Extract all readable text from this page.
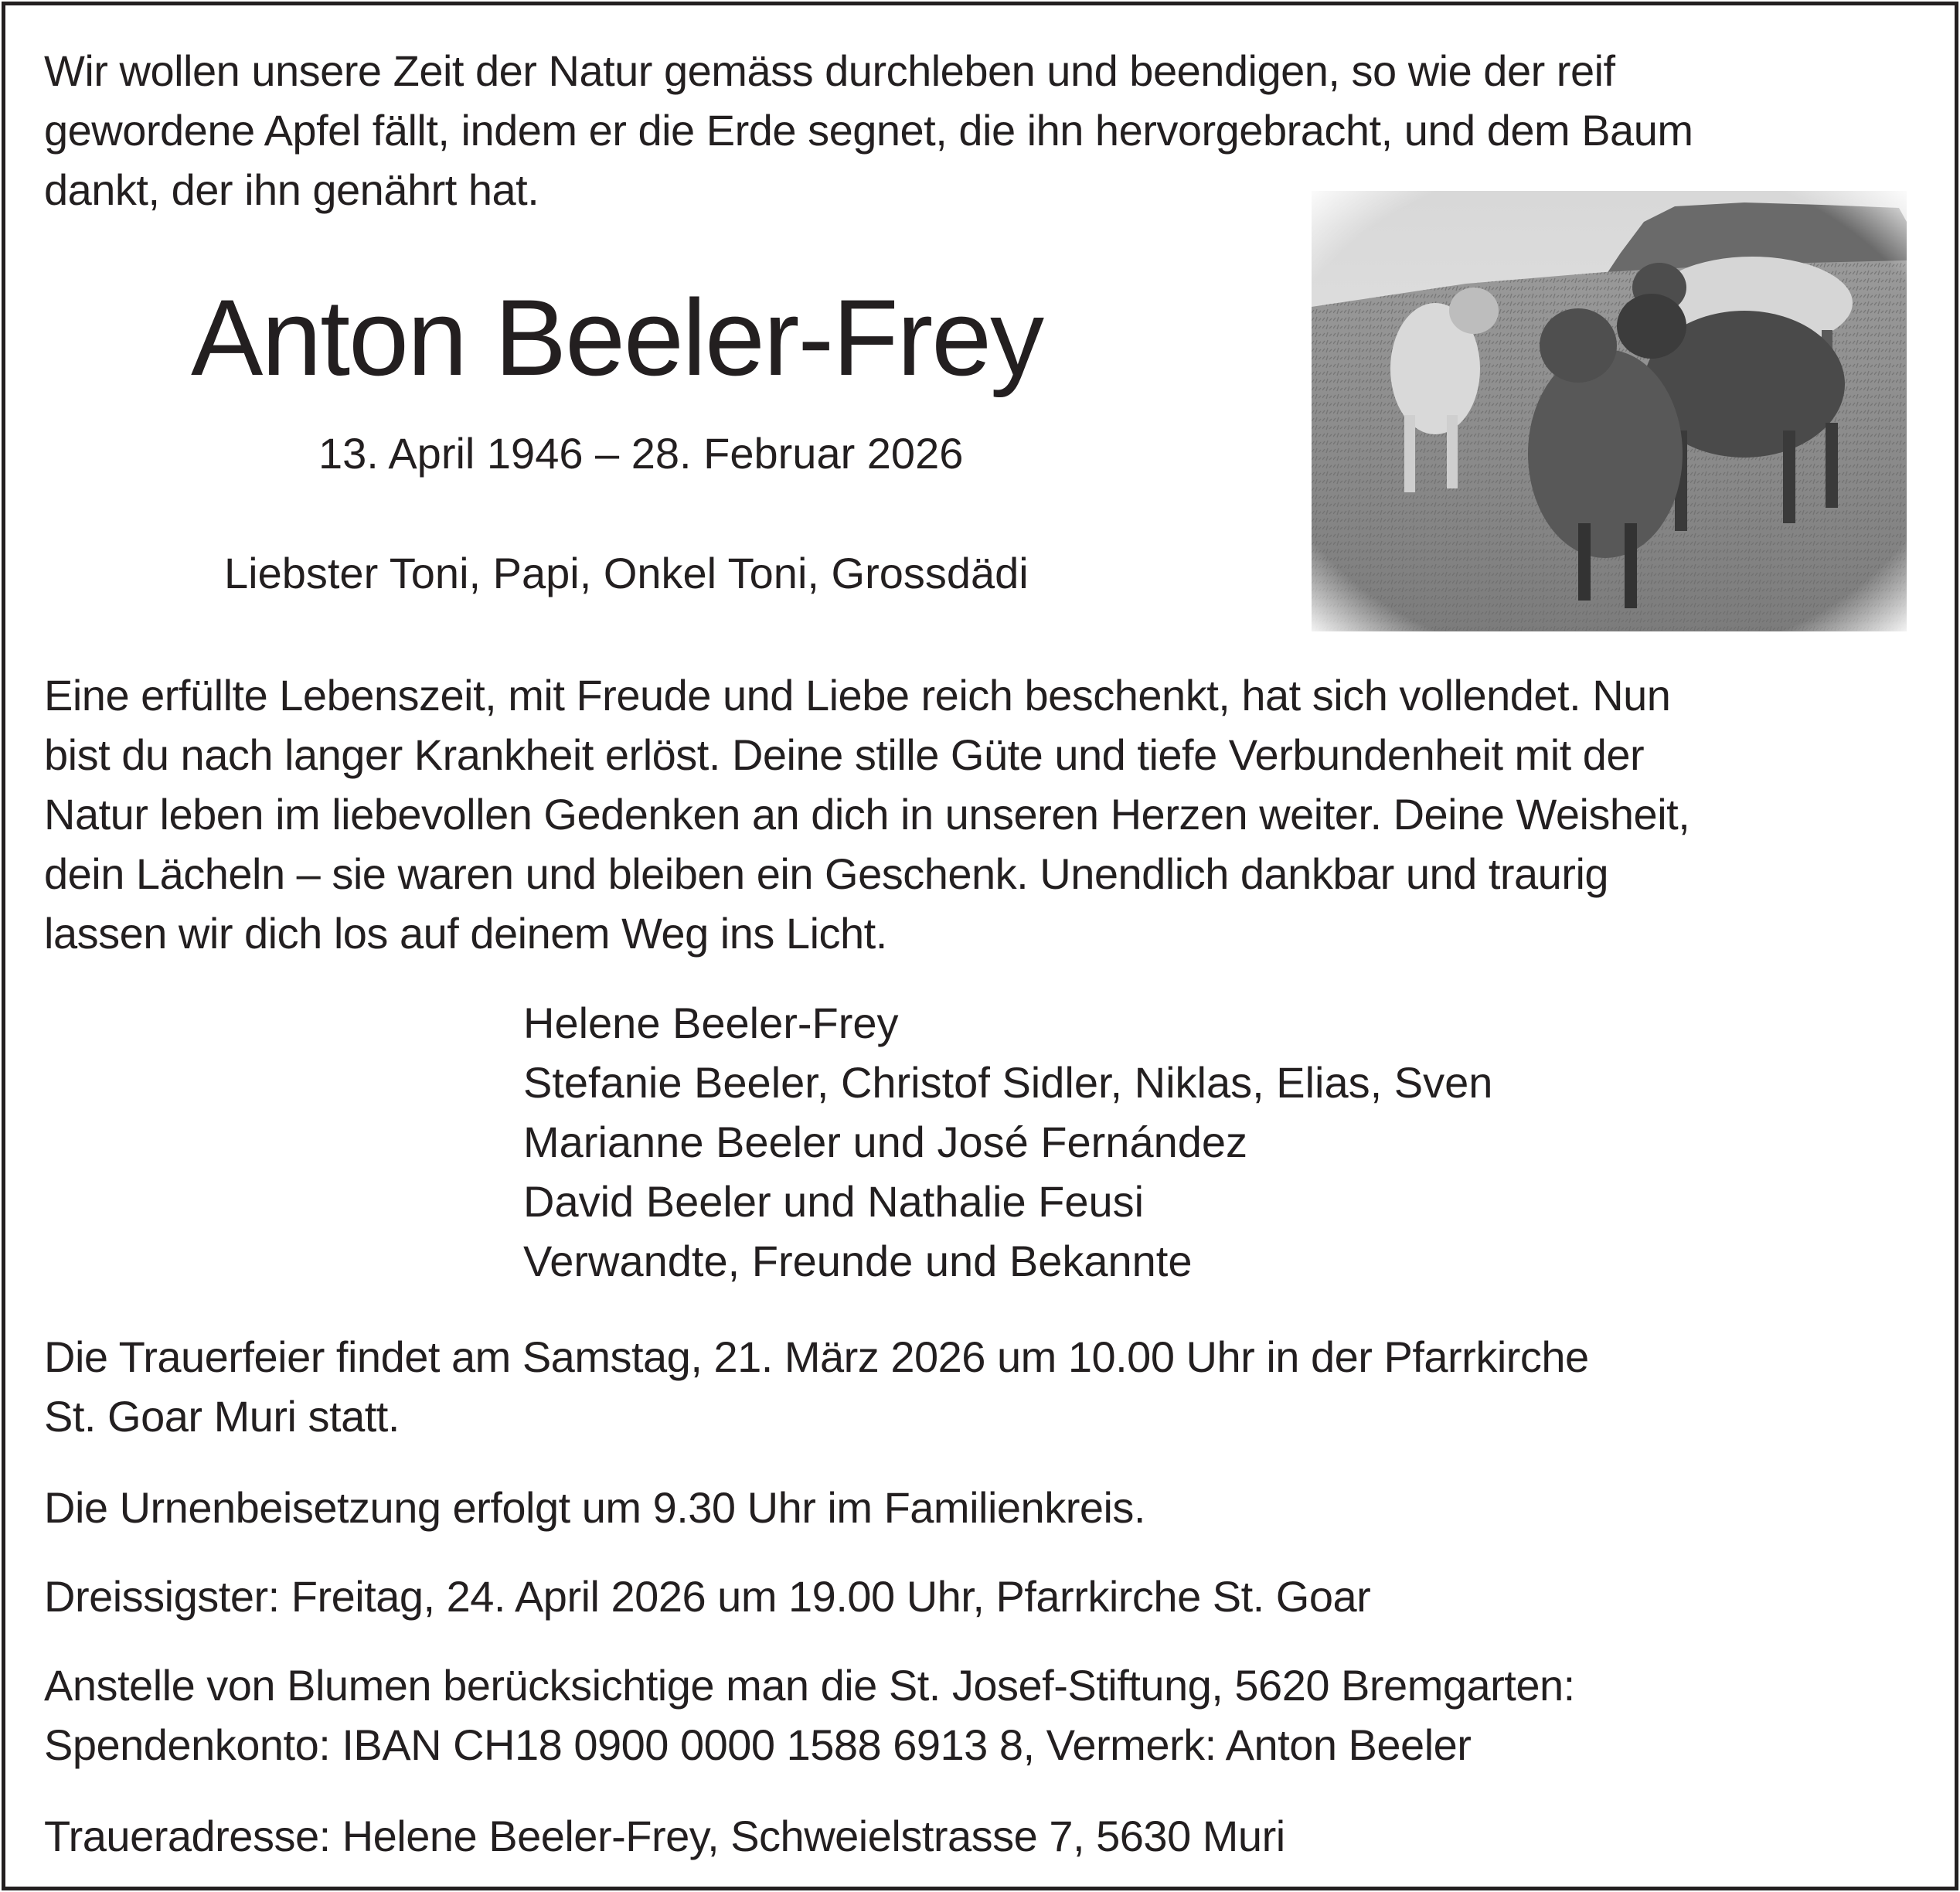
Wir wollen unsere Zeit der Natur gemäss durchleben und beendigen, so wie der reif
gewordene Apfel fällt, indem er die Erde segnet, die ihn hervorgebracht, und dem Baum
dankt, der ihn genährt hat.
Anton Beeler-Frey
13. April 1946 – 28. Februar 2026
Liebster Toni, Papi, Onkel Toni, Grossdädi
Eine erfüllte Lebenszeit, mit Freude und Liebe reich beschenkt, hat sich vollendet. Nun
bist du nach langer Krankheit erlöst. Deine stille Güte und tiefe Verbundenheit mit der
Natur leben im liebevollen Gedenken an dich in unseren Herzen weiter. Deine Weisheit,
dein Lächeln – sie waren und bleiben ein Geschenk. Unendlich dankbar und traurig
lassen wir dich los auf deinem Weg ins Licht.
Helene Beeler-Frey
Stefanie Beeler, Christof Sidler, Niklas, Elias, Sven
Marianne Beeler und José Fernández
David Beeler und Nathalie Feusi
Verwandte, Freunde und Bekannte
Die Trauerfeier findet am Samstag, 21. März 2026 um 10.00 Uhr in der Pfarrkirche
St. Goar Muri statt.
Die Urnenbeisetzung erfolgt um 9.30 Uhr im Familienkreis.
Dreissigster: Freitag, 24. April 2026 um 19.00 Uhr, Pfarrkirche St. Goar
Anstelle von Blumen berücksichtige man die St. Josef-Stiftung, 5620 Bremgarten:
Spendenkonto: IBAN CH18 0900 0000 1588 6913 8, Vermerk: Anton Beeler
Traueradresse: Helene Beeler-Frey, Schweielstrasse 7, 5630 Muri
